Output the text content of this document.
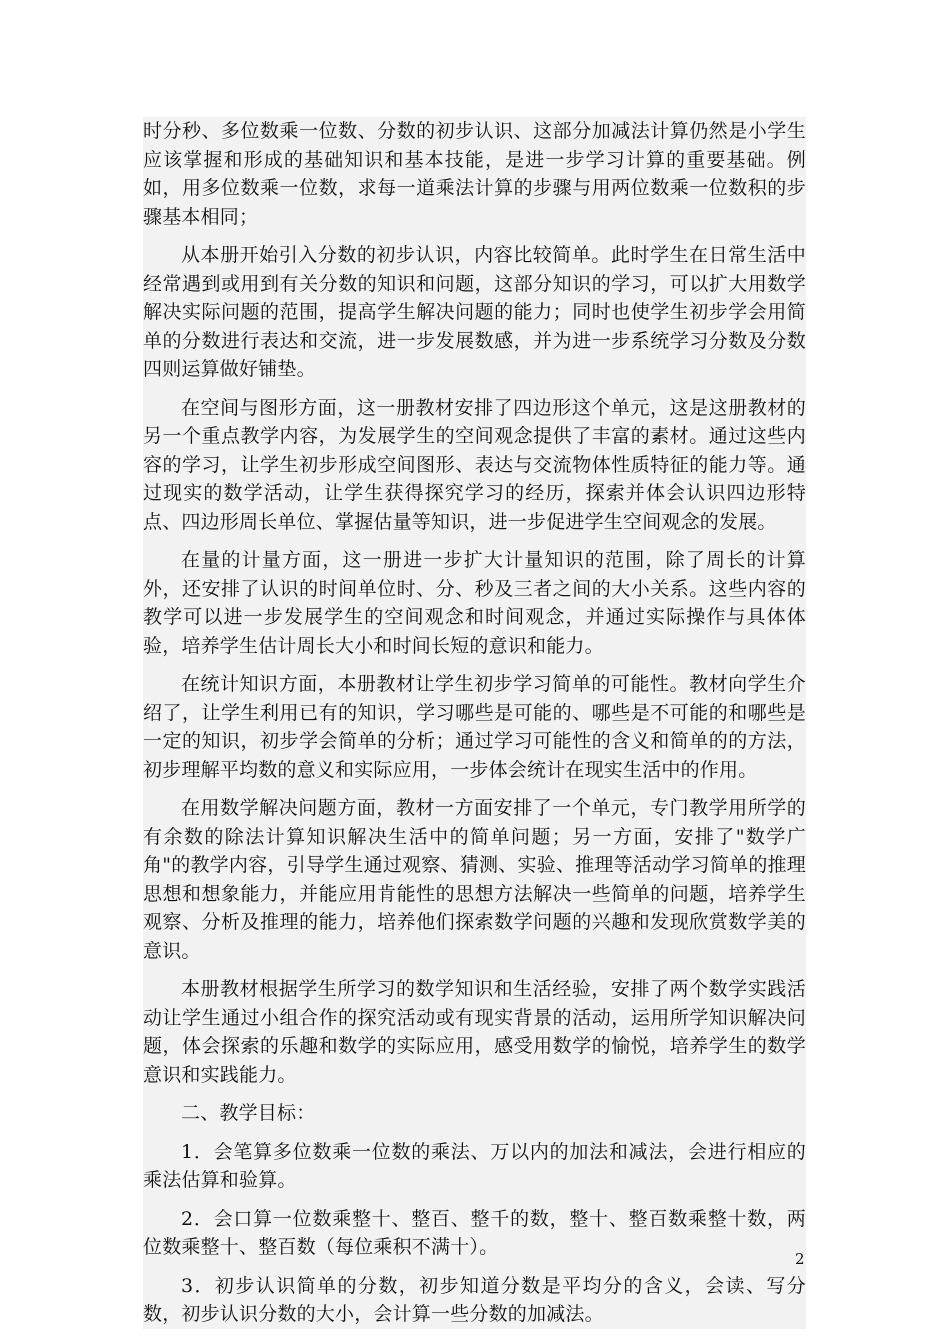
时分秒、多位数乘一位数、分数的初步认识、这部分加减法计算仍然是小学生应该掌握和形成的基础知识和基本技能，是进一步学习计算的重要基础。例如，用多位数乘一位数，求每一道乘法计算的步骤与用两位数乘一位数积的步骤基本相同；

从本册开始引入分数的初步认识，内容比较简单。此时学生在日常生活中经常遇到或用到有关分数的知识和问题，这部分知识的学习，可以扩大用数学解决实际问题的范围，提高学生解决问题的能力；同时也使学生初步学会用简单的分数进行表达和交流，进一步发展数感，并为进一步系统学习分数及分数四则运算做好铺垫。

在空间与图形方面，这一册教材安排了四边形这个单元，这是这册教材的另一个重点教学内容，为发展学生的空间观念提供了丰富的素材。通过这些内容的学习，让学生初步形成空间图形、表达与交流物体性质特征的能力等。通过现实的数学活动，让学生获得探究学习的经历，探索并体会认识四边形特点、四边形周长单位、掌握估量等知识，进一步促进学生空间观念的发展。

在量的计量方面，这一册进一步扩大计量知识的范围，除了周长的计算外，还安排了认识的时间单位时、分、秒及三者之间的大小关系。这些内容的教学可以进一步发展学生的空间观念和时间观念，并通过实际操作与具体体验，培养学生估计周长大小和时间长短的意识和能力。

在统计知识方面，本册教材让学生初步学习简单的可能性。教材向学生介绍了，让学生利用已有的知识，学习哪些是可能的、哪些是不可能的和哪些是一定的知识，初步学会简单的分析；通过学习可能性的含义和简单的的方法，初步理解平均数的意义和实际应用，一步体会统计在现实生活中的作用。

在用数学解决问题方面，教材一方面安排了一个单元，专门教学用所学的有余数的除法计算知识解决生活中的简单问题；另一方面，安排了"数学广角"的教学内容，引导学生通过观察、猜测、实验、推理等活动学习简单的推理思想和想象能力，并能应用肯能性的思想方法解决一些简单的问题，培养学生观察、分析及推理的能力，培养他们探索数学问题的兴趣和发现欣赏数学美的意识。

本册教材根据学生所学习的数学知识和生活经验，安排了两个数学实践活动让学生通过小组合作的探究活动或有现实背景的活动，运用所学知识解决问题，体会探索的乐趣和数学的实际应用，感受用数学的愉悦，培养学生的数学意识和实践能力。

二、教学目标：

1．会笔算多位数乘一位数的乘法、万以内的加法和减法，会进行相应的乘法估算和验算。

2．会口算一位数乘整十、整百、整千的数，整十、整百数乘整十数，两位数乘整十、整百数（每位乘积不满十）。

3．初步认识简单的分数，初步知道分数是平均分的含义，会读、写分数，初步认识分数的大小，会计算一些分数的加减法。

2
